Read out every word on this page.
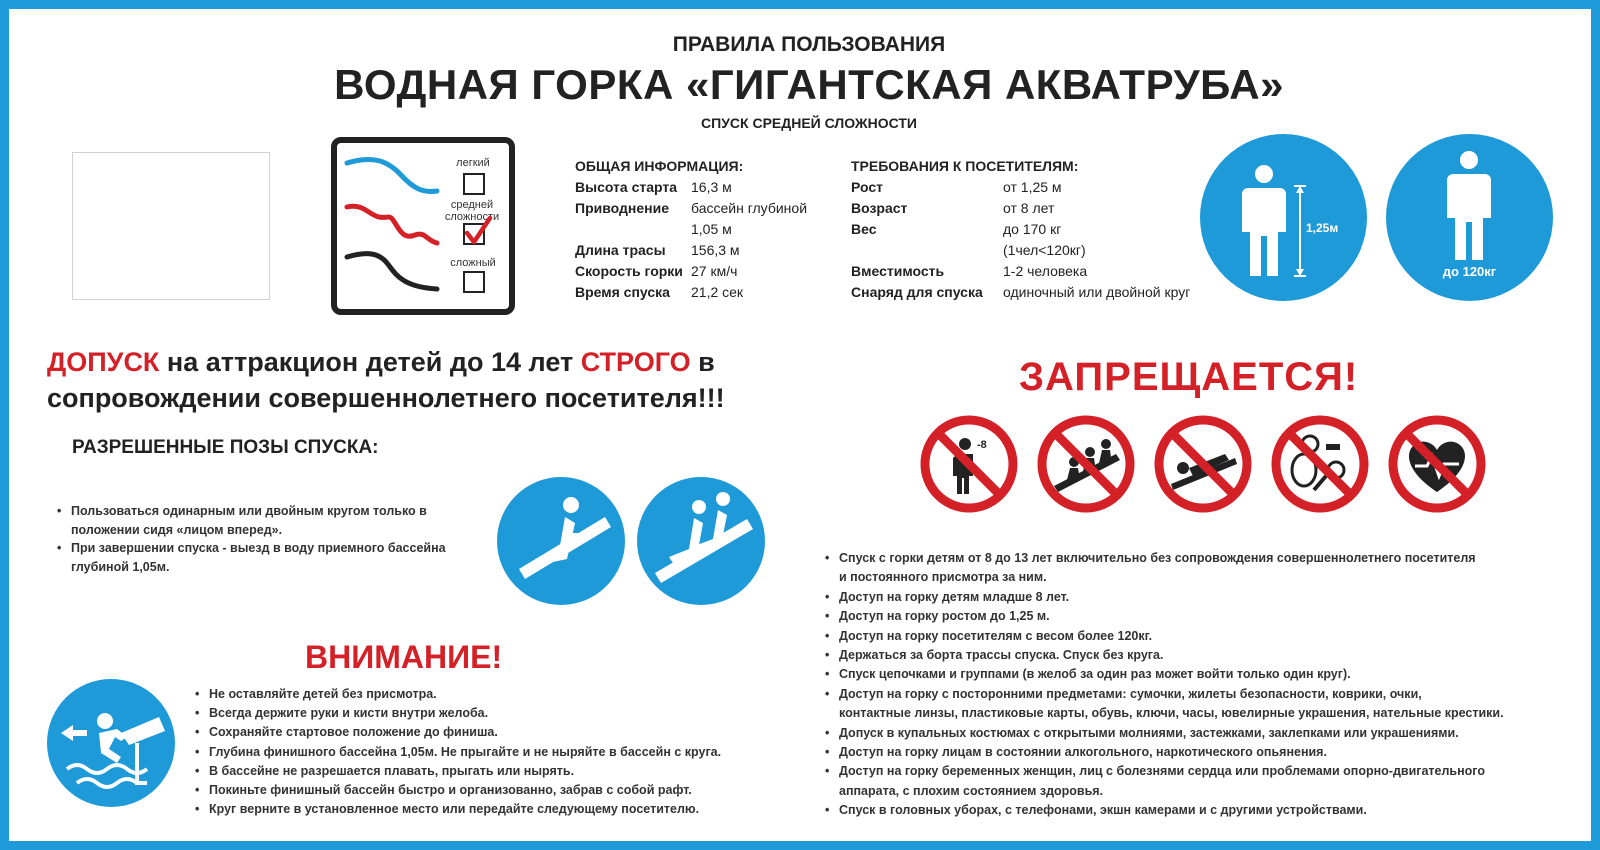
ПРАВИЛА ПОЛЬЗОВАНИЯ
ВОДНАЯ ГОРКА «ГИГАНТСКАЯ АКВАТРУБА»
СПУСК СРЕДНЕЙ СЛОЖНОСТИ
легкий
средней
сложности
сложный
ОБЩАЯ ИНФОРМАЦИЯ:
Высота старта 16,3 м
Приводнение	бассейн глубиной
1,05 м
Длина трасы	156,3 м
Скорость горки 27 км/ч
Время спуска	21,2 сек
ТРЕБОВАНИЯ К ПОСЕТИТЕЛЯМ:
Рост	от 1,25 м
Возраст	от 8 лет
Вес	до 170 кг
(1чел<120кг)
Вместимость	1-2 человека
Снаряд для спуска	одиночный или двойной круг
1,25м
до 120кг
ДОПУСК на аттракцион детей до 14 лет СТРОГО в
сопровождении совершеннолетнего посетителя!!!
РАЗРЕШЕННЫЕ ПОЗЫ СПУСКА:
• Пользоваться одинарным или двойным кругом только в положении сидя «лицом вперед».
• При завершении спуска - выезд в воду приемного бассейна глубиной 1,05м.
ВНИМАНИЕ!
• Не оставляйте детей без присмотра.
• Всегда держите руки и кисти внутри желоба.
• Сохраняйте стартовое положение до финиша.
• Глубина финишного бассейна 1,05м. Не прыгайте и не ныряйте в бассейн с круга.
• В бассейне не разрешается плавать, прыгать или нырять.
• Покиньте финишный бассейн быстро и организованно, забрав с собой рафт.
• Круг верните в установленное место или передайте следующему посетителю.
ЗАПРЕЩАЕТСЯ!
-8
• Спуск с горки детям от 8 до 13 лет включительно без сопровождения совершеннолетнего посетителя
и постоянного присмотра за ним.
• Доступ на горку детям младше 8 лет.
• Доступ на горку ростом до 1,25 м.
• Доступ на горку посетителям с весом более 120кг.
• Держаться за борта трассы спуска. Спуск без круга.
• Спуск цепочками и группами (в желоб за один раз может войти только один круг).
• Доступ на горку с посторонними предметами: сумочки, жилеты безопасности, коврики, очки,
контактные линзы, пластиковые карты, обувь, ключи, часы, ювелирные украшения, нательные крестики.
• Допуск в купальных костюмах с открытыми молниями, застежками, заклепками или украшениями.
• Доступ на горку лицам в состоянии алкогольного, наркотического опьянения.
• Доступ на горку беременных женщин, лиц с болезнями сердца или проблемами опорно-двигательного
аппарата, с плохим состоянием здоровья.
• Спуск в головных уборах, с телефонами, экшн камерами и с другими устройствами.
